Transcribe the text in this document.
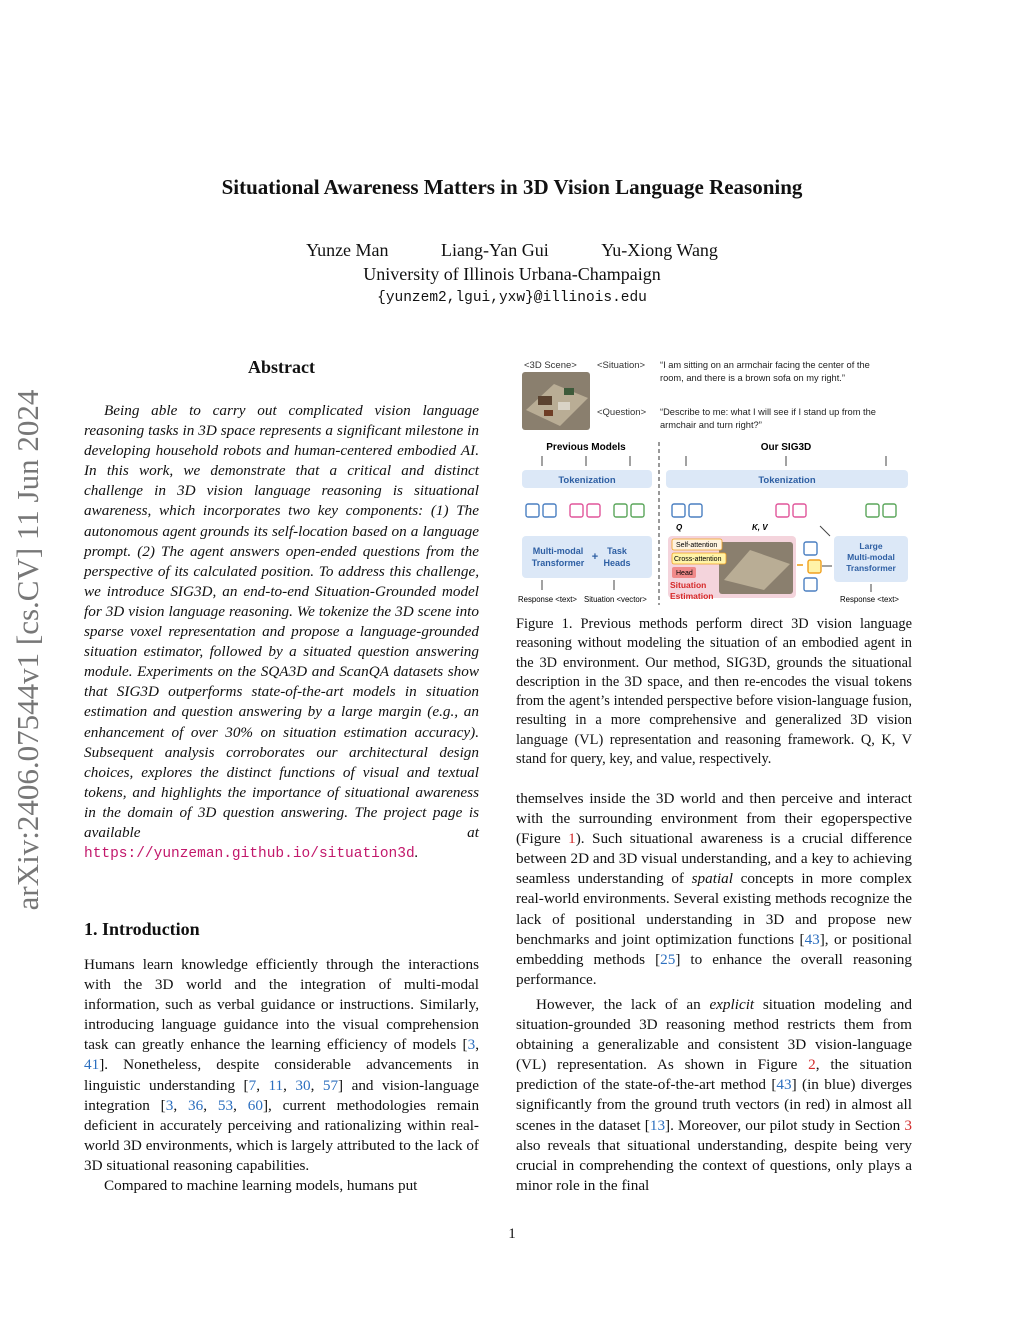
arXiv:2406.07544v1 [cs.CV] 11 Jun 2024
Situational Awareness Matters in 3D Vision Language Reasoning
Yunze Man	Liang-Yan Gui	Yu-Xiong Wang
University of Illinois Urbana-Champaign
{yunzem2,lgui,yxw}@illinois.edu
Abstract
Being able to carry out complicated vision language reasoning tasks in 3D space represents a significant milestone in developing household robots and human-centered embodied AI. In this work, we demonstrate that a critical and distinct challenge in 3D vision language reasoning is situational awareness, which incorporates two key components: (1) The autonomous agent grounds its self-location based on a language prompt. (2) The agent answers open-ended questions from the perspective of its calculated position. To address this challenge, we introduce SIG3D, an end-to-end Situation-Grounded model for 3D vision language reasoning. We tokenize the 3D scene into sparse voxel representation and propose a language-grounded situation estimator, followed by a situated question answering module. Experiments on the SQA3D and ScanQA datasets show that SIG3D outperforms state-of-the-art models in situation estimation and question answering by a large margin (e.g., an enhancement of over 30% on situation estimation accuracy). Subsequent analysis corroborates our architectural design choices, explores the distinct functions of visual and textual tokens, and highlights the importance of situational awareness in the domain of 3D question answering. The project page is available at https://yunzeman.github.io/situation3d.
1. Introduction

Humans learn knowledge efficiently through the interactions with the 3D world and the integration of multi-modal information, such as verbal guidance or instructions. Similarly, introducing language guidance into the visual comprehension task can greatly enhance the learning efficiency of models [3, 41]. Nonetheless, despite considerable advancements in linguistic understanding [7, 11, 30, 57] and vision-language integration [3, 36, 53, 60], current methodologies remain deficient in accurately perceiving and rationalizing within real-world 3D environments, which is largely attributed to the lack of 3D situational reasoning capabilities.

Compared to machine learning models, humans put

<3D Scene> <Situation> “I am sitting on an armchair facing the center of the
room, and there is a brown sofa on my right.”
<Question> “Describe to me: what I will see if I stand up from the
armchair and turn right?”
Previous Models	Our SIG3D
Tokenization	Tokenization
Q	K, V
Multi-modal
Transformer + Task
Heads
Response <text> Situation <vector>
Self-attention
Cross-attention
Head
Situation
Estimation
Large
Multi-modal
Transformer
Response <text>
Figure 1. Previous methods perform direct 3D vision language reasoning without modeling the situation of an embodied agent in the 3D environment. Our method, SIG3D, grounds the situational description in the 3D space, and then re-encodes the visual tokens from the agent’s intended perspective before vision-language fusion, resulting in a more comprehensive and generalized 3D vision language (VL) representation and reasoning framework. Q, K, V stand for query, key, and value, respectively.

themselves inside the 3D world and then perceive and interact with the surrounding environment from their egoperspective (Figure 1). Such situational awareness is a crucial difference between 2D and 3D visual understanding, and a key to achieving seamless understanding of spatial concepts in more complex real-world environments. Several existing methods recognize the lack of positional understanding in 3D and propose new benchmarks and joint optimization functions [43], or positional embedding methods [25] to enhance the overall reasoning performance.

However, the lack of an explicit situation modeling and situation-grounded 3D reasoning method restricts them from obtaining a generalizable and consistent 3D vision-language (VL) representation. As shown in Figure 2, the situation prediction of the state-of-the-art method [43] (in blue) diverges significantly from the ground truth vectors (in red) in almost all scenes in the dataset [13]. Moreover, our pilot study in Section 3 also reveals that situational understanding, despite being very crucial in comprehending the context of questions, only plays a minor role in the final

1
